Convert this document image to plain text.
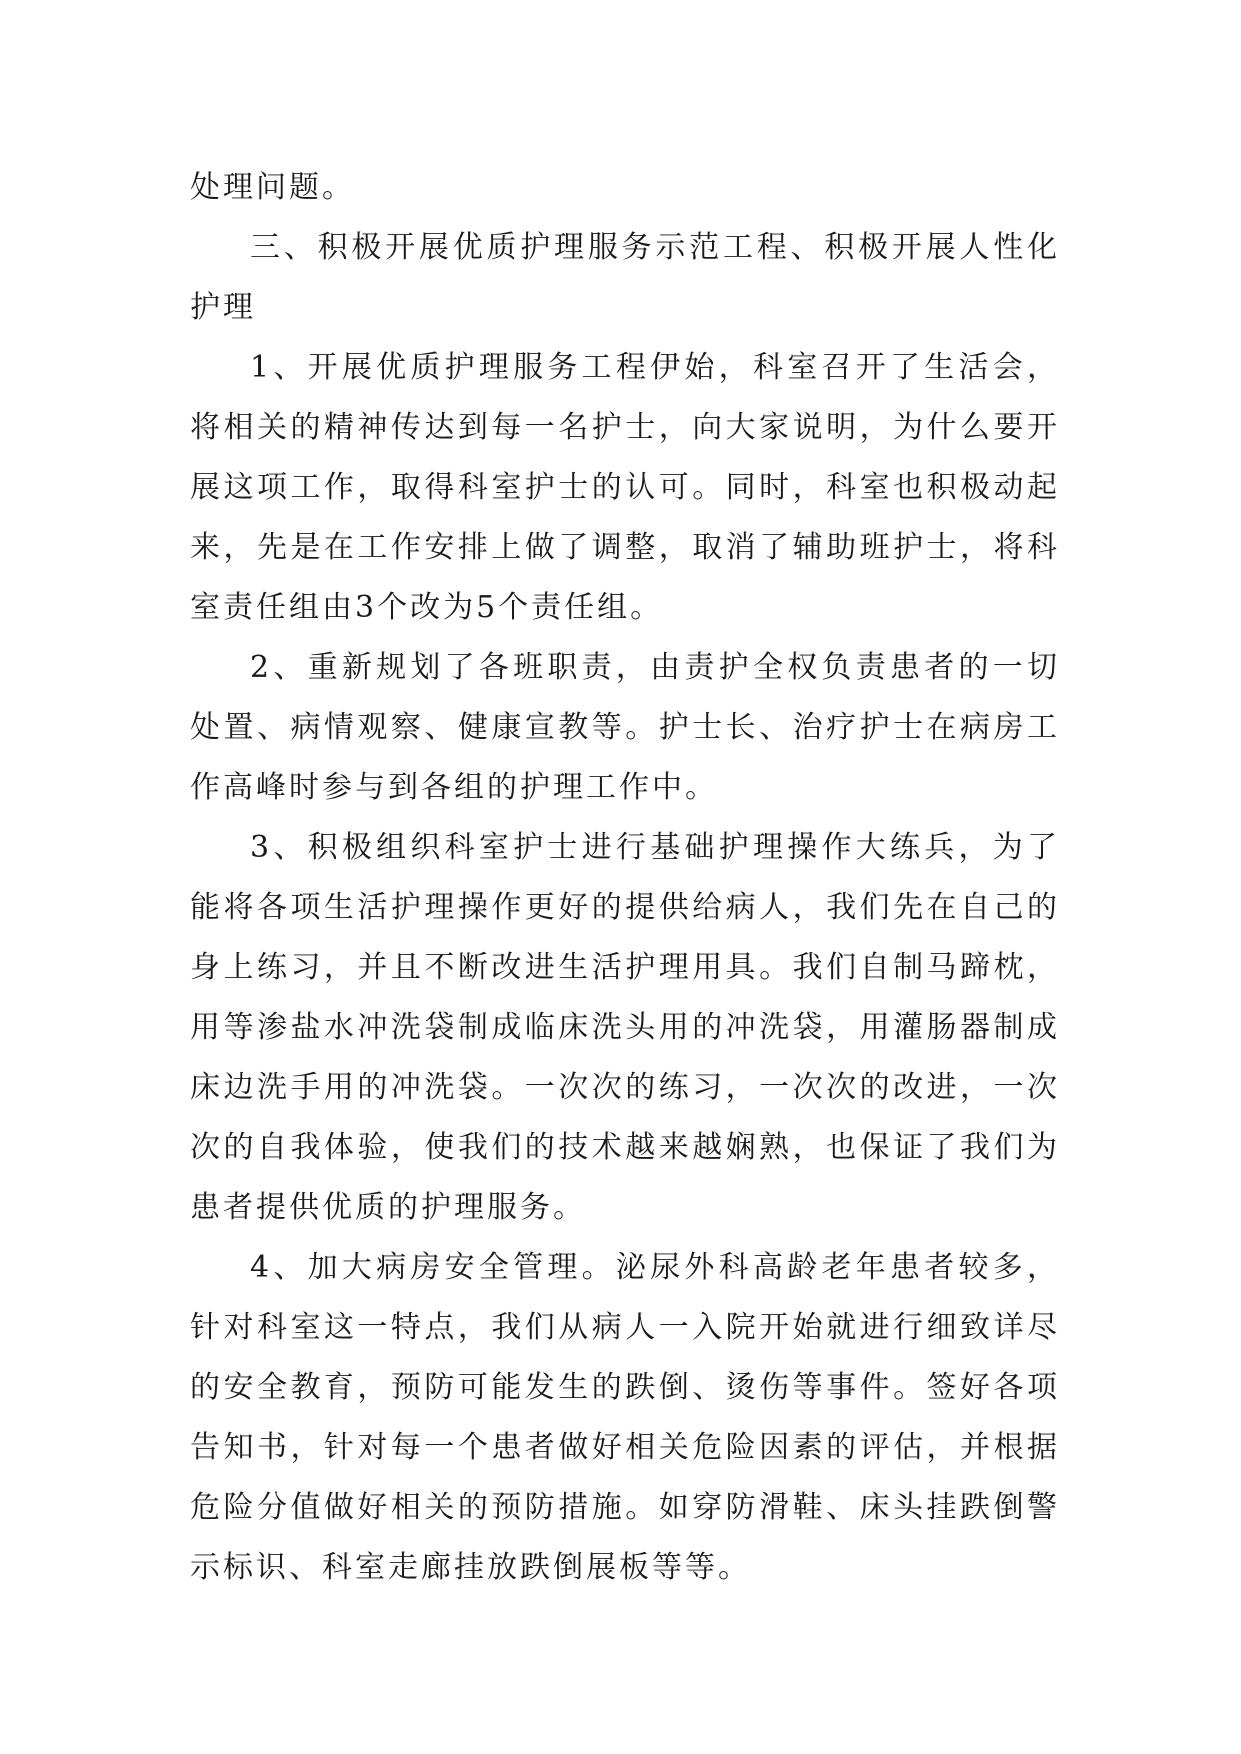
处理问题。

三、积极开展优质护理服务示范工程、积极开展人性化护理

1、开展优质护理服务工程伊始，科室召开了生活会，将相关的精神传达到每一名护士，向大家说明，为什么要开展这项工作，取得科室护士的认可。同时，科室也积极动起来，先是在工作安排上做了调整，取消了辅助班护士，将科室责任组由3个改为5个责任组。

2、重新规划了各班职责，由责护全权负责患者的一切处置、病情观察、健康宣教等。护士长、治疗护士在病房工作高峰时参与到各组的护理工作中。

3、积极组织科室护士进行基础护理操作大练兵，为了能将各项生活护理操作更好的提供给病人，我们先在自己的身上练习，并且不断改进生活护理用具。我们自制马蹄枕，用等渗盐水冲洗袋制成临床洗头用的冲洗袋，用灌肠器制成床边洗手用的冲洗袋。一次次的练习，一次次的改进，一次次的自我体验，使我们的技术越来越娴熟，也保证了我们为患者提供优质的护理服务。

4、加大病房安全管理。泌尿外科高龄老年患者较多，针对科室这一特点，我们从病人一入院开始就进行细致详尽的安全教育，预防可能发生的跌倒、烫伤等事件。签好各项告知书，针对每一个患者做好相关危险因素的评估，并根据危险分值做好相关的预防措施。如穿防滑鞋、床头挂跌倒警示标识、科室走廊挂放跌倒展板等等。
